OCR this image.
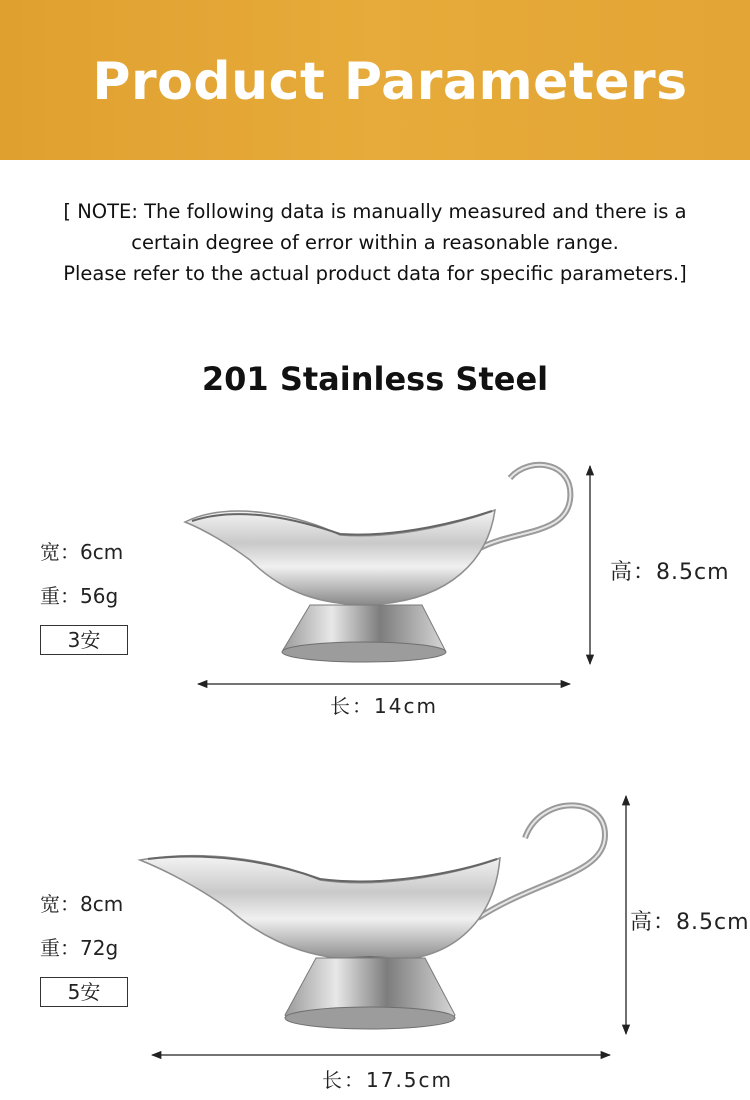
Product Parameters
[ NOTE: The following data is manually measured and there is a
certain degree of error within a reasonable range.
Please refer to the actual product data for specific parameters.]
201 Stainless Steel
宽：6cm
重：56g
3安
高：8.5cm
长：14cm
宽：8cm
重：72g
5安
高：8.5cm
长：17.5cm
